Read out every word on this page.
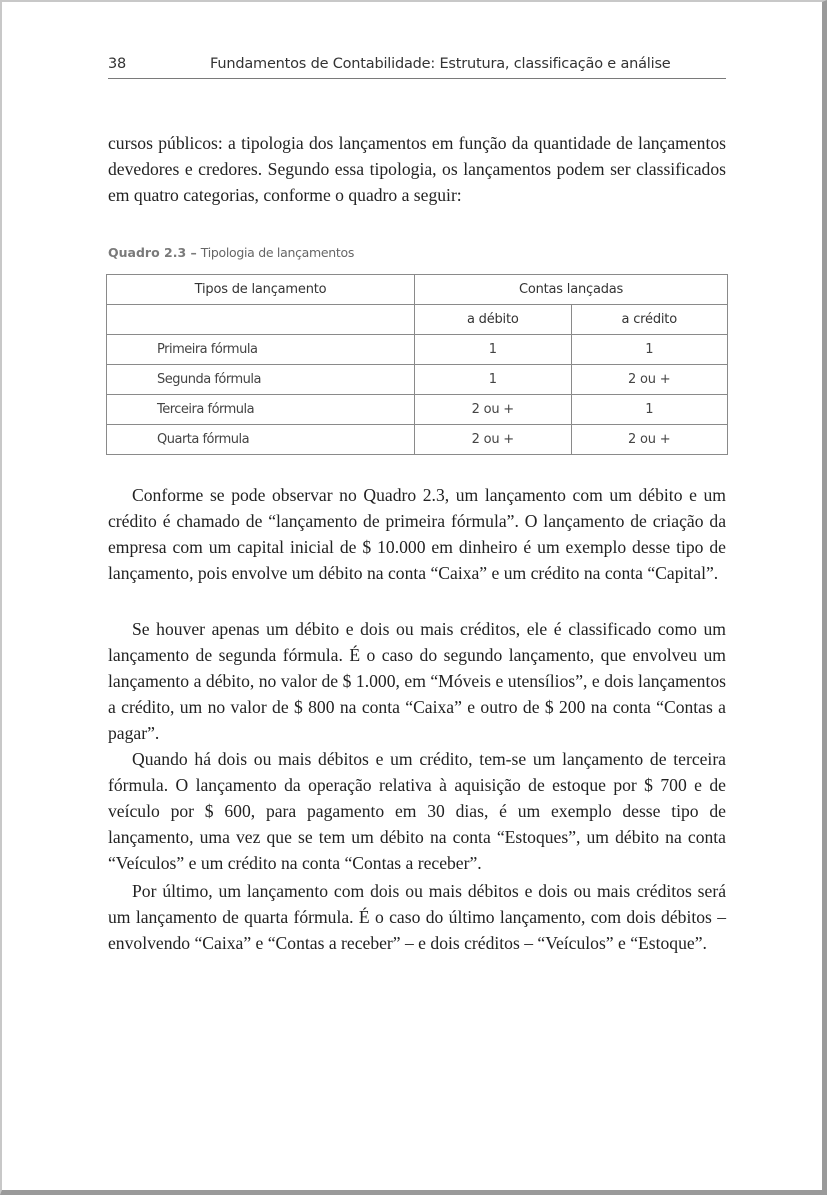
38	Fundamentos de Contabilidade: Estrutura, classificação e análise

cursos públicos: a tipologia dos lançamentos em função da quantidade de lançamentos devedores e credores. Segundo essa tipologia, os lançamentos podem ser classificados em quatro categorias, conforme o quadro a seguir:

Quadro 2.3 – Tipologia de lançamentos
Tipos de lançamento	Contas lançadas	
	a débito	a crédito
Primeira fórmula	1	1
Segunda fórmula	1	2 ou +
Terceira fórmula	2 ou +	1
Quarta fórmula	2 ou +	2 ou +

Conforme se pode observar no Quadro 2.3, um lançamento com um débito e um crédito é chamado de “lançamento de primeira fórmula”. O lançamento de criação da empresa com um capital inicial de $ 10.000 em dinheiro é um exemplo desse tipo de lançamento, pois envolve um débito na conta “Caixa” e um crédito na conta “Capital”.

Se houver apenas um débito e dois ou mais créditos, ele é classificado como um lançamento de segunda fórmula. É o caso do segundo lançamento, que envolveu um lançamento a débito, no valor de $ 1.000, em “Móveis e utensílios”, e dois lançamentos a crédito, um no valor de $ 800 na conta “Caixa” e outro de $ 200 na conta “Contas a pagar”.

Quando há dois ou mais débitos e um crédito, tem-se um lançamento de terceira fórmula. O lançamento da operação relativa à aquisição de estoque por $ 700 e de veículo por $ 600, para pagamento em 30 dias, é um exemplo desse tipo de lançamento, uma vez que se tem um débito na conta “Estoques”, um débito na conta “Veículos” e um crédito na conta “Contas a receber”.

Por último, um lançamento com dois ou mais débitos e dois ou mais créditos será um lançamento de quarta fórmula. É o caso do último lançamento, com dois débitos – envolvendo “Caixa” e “Contas a receber” – e dois créditos – “Veículos” e “Estoque”.
